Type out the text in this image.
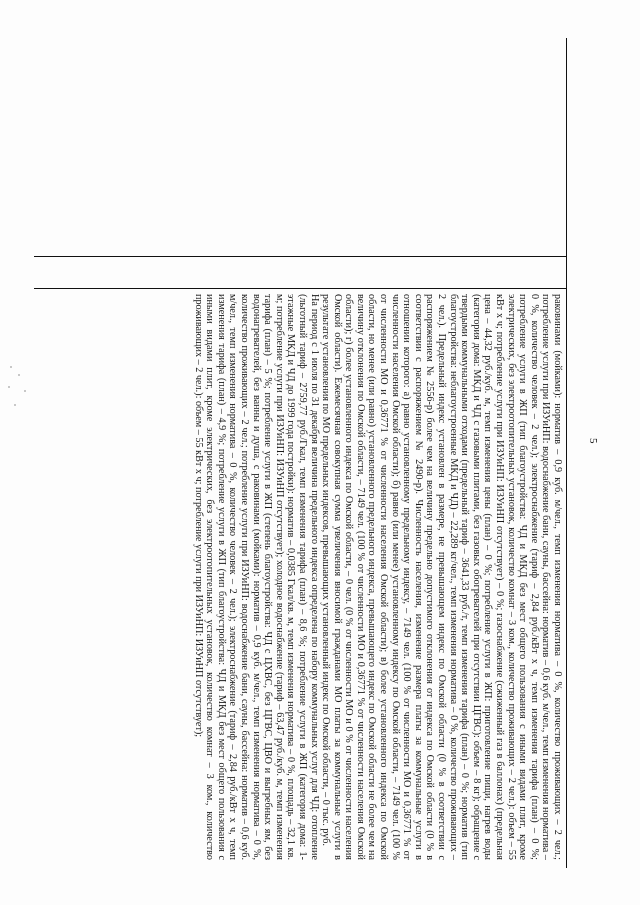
5

раковинами (мойками): норматив – 0,9 куб. м/чел., темп изменения норматива – 0 %, количество проживающих – 2 чел.; потребление услуги при ИЗУиНП: водоснабжение бани, сауны, бассейна: норматив – 0,6 куб. м/чел., темп изменения норматива – 0 %, количество человек – 2 чел.); электроснабжение (тариф – 2,84 руб./кВт х ч, темп изменения тарифа (план) – 0 %; потребление услуги в ЖП (тип благоустройства: ЧД и МКД без мест общего пользования с иными видами плит, кроме электрических, без электроотопительных установок, количество комнат – 3 ком., количество проживающих – 2 чел.): объем – 55 кВт х ч; потребление услуги при ИЗУиНП: ИЗУиНП отсутствует) – 0 %; газоснабжение (сжиженный газ в баллонах) (предельная цена – 44,32 руб./куб. м, темп изменения цены (план) – 0 %; потребление услуги в ЖП: приготовление пищи, нагрев воды (категория дома: МКД и ЧД с газовыми плитами, без газовых обогревателей при отсутствии ЦГВС): объем – 8 кг); обращение с твердыми коммунальными отходами (предельный тариф – 3641,33 руб./т, темп изменения тарифа (план) – 0 %; норматив (тип благоустройства: неблагоустроенные МКД и ЧД) – 22,289 кг/чел., темп изменения норматива – 0 %, количество проживающих – 2 чел.). Предельный индекс установлен в размере, не превышающем индекс по Омской области (0 % в соответствии с распоряжением № 2556-р) более чем на величину предельно допустимого отклонения от индекса по Омской области (0 % в соответствии с распоряжением № 2490-р). Численность населения, изменение размера платы за коммунальные услуги в отношении которого: а) равно установленному предельному индексу, – 7149 чел. (100 % от численности МО и 0,36771 % от численности населения Омской области); б) равно (или менее) установленному индексу по Омской области, – 7149 чел. (100 % от численности МО и 0,36771 % от численности населения Омской области); в) более установленного индекса по Омской области, но менее (или равно) установленного предельного индекса, превышающего индекс по Омской области не более чем на величину отклонения по Омской области, – 7149 чел. (100 % от численности МО и 0,36771 % от численности населения Омской области); г) более установленного индекса по Омской области, – 0 чел. (0 % от численности МО и 0 % от численности населения Омской области). Ежемесячная совокупная сумма увеличения вносимой гражданами МО платы за коммунальные услуги в результате установления по МО предельных индексов, превышающих установленный индекс по Омской области, – 0 тыс. руб.

На период с 1 июля по 31 декабря величина предельного индекса определена по набору коммунальных услуг для ЧД: отопление (льготный тариф – 2759,77 руб./Гкал, темп изменения тарифа (план) – 8,6 %; потребление услуги в ЖП (категория дома: 1-этажные МКД и ЧД до 1999 года постройки): норматив – 0,0385 Гкал/кв. м, темп изменения норматива – 0 %, площадь – 32,1 кв. м; потребление услуги при ИЗУиНП: ИЗУиНП отсутствует); холодное водоснабжение (тариф – 63,47 руб./куб. м, темп изменения тарифа (план) – 5 %; потребление услуги в ЖП (степень благоустройства: ЧД с ЦХВС, без ЦГВС, ЦВО и выгребных ям, без водонагревателей, без ванны и душа, с раковинами (мойками): норматив – 0,9 куб. м/чел., темп изменения норматива – 0 %, количество проживающих – 2 чел.; потребление услуги при ИЗУиНП: водоснабжение бани, сауны, бассейна: норматив – 0,6 куб. м/чел., темп изменения норматива – 0 %, количество человек – 2 чел.); электроснабжение (тариф – 2,84 руб./кВт х ч, темп изменения тарифа (план) – 4,9 %; потребление услуги в ЖП (тип благоустройства: ЧД и МКД без мест общего пользования с иными видами плит, кроме электрических, без электроотопительных установок, количество комнат – 3 ком., количество проживающих – 2 чел.): объем – 55 кВт х ч; потребление услуги при ИЗУиНП: ИЗУиНП отсутствует);
